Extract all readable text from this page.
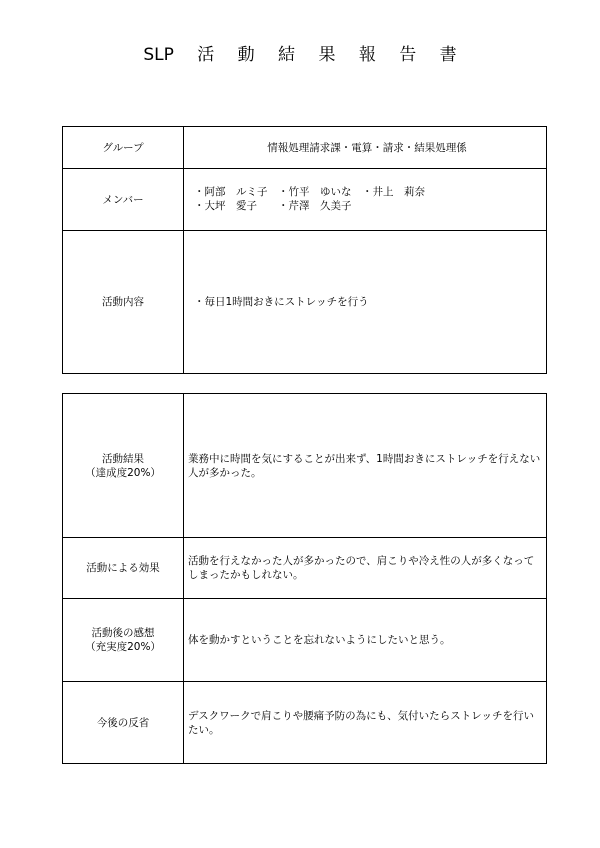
SLP 活 動 結 果 報 告 書
グループ	情報処理請求課・電算・請求・結果処理係
メンバー	・阿部　ルミ子　・竹平　ゆいな　・井上　莉奈
・大坪　愛子　　・芹澤　久美子

活動内容	・毎日1時間おきにストレッチを行う
活動結果
（達成度20%）	業務中に時間を気にすることが出来ず、1時間おきにストレッチを行えない人が多かった。
活動による効果	活動を行えなかった人が多かったので、肩こりや冷え性の人が多くなってしまったかもしれない。

活動後の感想
（充実度20%）	体を動かすということを忘れないようにしたいと思う。
今後の反省	デスクワークで肩こりや腰痛予防の為にも、気付いたらストレッチを行いたい。
